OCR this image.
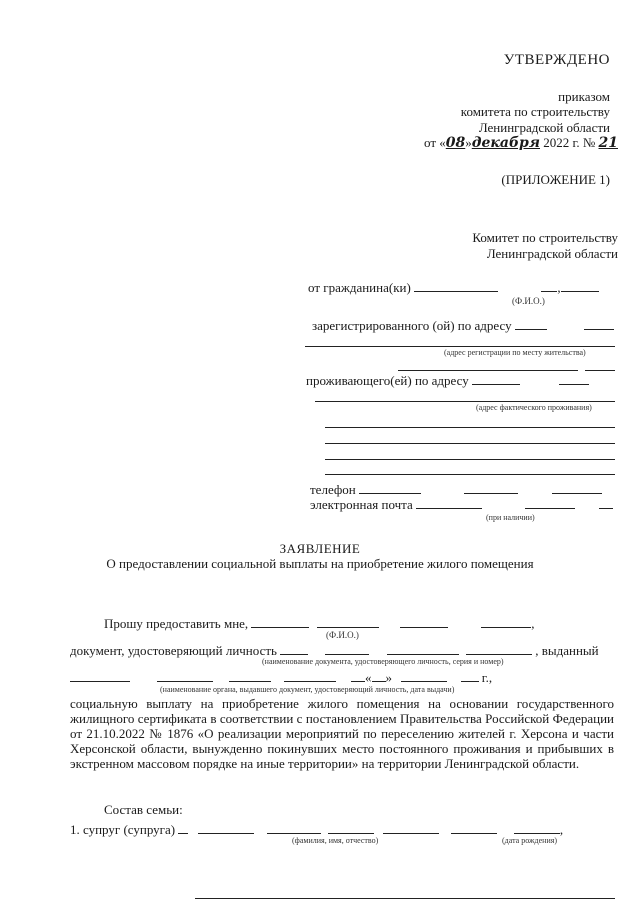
УТВЕРЖДЕНО
приказом
комитета по строительству
Ленинградской области
от «08»декабря 2022 г. № 21
(ПРИЛОЖЕНИЕ 1)
Комитет по строительству
Ленинградской области
от гражданина(ки)	,
(Ф.И.О.)
зарегистрированного (ой) по адресу
(адрес регистрации по месту жительства)
проживающего(ей) по адресу
(адрес фактического проживания)
телефон
электронная почта
(при наличии)
ЗАЯВЛЕНИЕ
О предоставлении социальной выплаты на приобретение жилого помещения
Прошу предоставить мне,	,
(Ф.И.О.)
документ, удостоверяющий личность	, выданный
(наименование документа, удостоверяющего личность, серия и номер)
« »	г.,
(наименование органа, выдавшего документ, удостоверяющий личность, дата выдачи)
социальную выплату на приобретение жилого помещения на основании государственного жилищного сертификата в соответствии с постановлением Правительства Российской Федерации от 21.10.2022 № 1876 «О реализации мероприятий по переселению жителей г. Херсона и части Херсонской области, вынужденно покинувших место постоянного проживания и прибывших в экстренном массовом порядке на иные территории» на территории Ленинградской области.
Состав семьи:
1. супруг (супруга)	,
(фамилия, имя, отчество)	(дата рождения)
